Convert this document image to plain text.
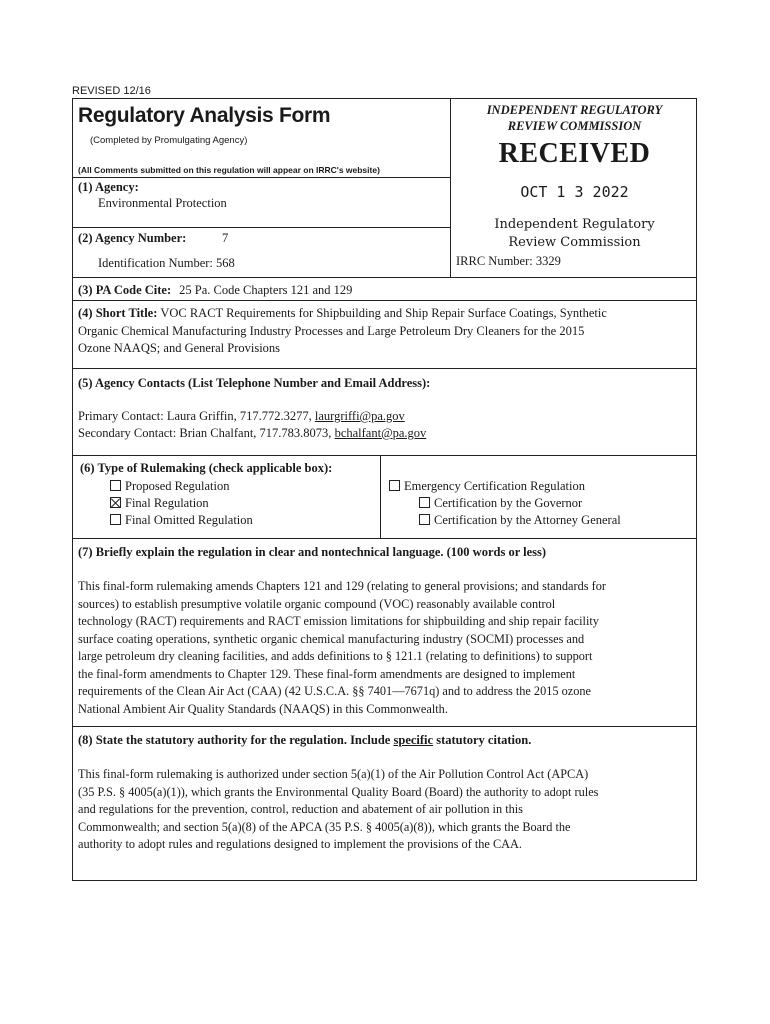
REVISED 12/16
Regulatory Analysis Form
(Completed by Promulgating Agency)
(All Comments submitted on this regulation will appear on IRRC's website)
INDEPENDENT REGULATORY
REVIEW COMMISSION
RECEIVED
OCT 1 3 2022
Independent Regulatory
Review Commission
IRRC Number: 3329
(1) Agency:
Environmental Protection
(2) Agency Number:	7
Identification Number: 568
(3) PA Code Cite: 25 Pa. Code Chapters 121 and 129
(4) Short Title: VOC RACT Requirements for Shipbuilding and Ship Repair Surface Coatings, Synthetic
Organic Chemical Manufacturing Industry Processes and Large Petroleum Dry Cleaners for the 2015
Ozone NAAQS; and General Provisions
(5) Agency Contacts (List Telephone Number and Email Address):
Primary Contact: Laura Griffin, 717.772.3277, laurgriffi@pa.gov
Secondary Contact: Brian Chalfant, 717.783.8073, bchalfant@pa.gov
(6) Type of Rulemaking (check applicable box):
Proposed Regulation
Final Regulation
Final Omitted Regulation
Emergency Certification Regulation
Certification by the Governor
Certification by the Attorney General
(7) Briefly explain the regulation in clear and nontechnical language. (100 words or less)
This final-form rulemaking amends Chapters 121 and 129 (relating to general provisions; and standards for
sources) to establish presumptive volatile organic compound (VOC) reasonably available control
technology (RACT) requirements and RACT emission limitations for shipbuilding and ship repair facility
surface coating operations, synthetic organic chemical manufacturing industry (SOCMI) processes and
large petroleum dry cleaning facilities, and adds definitions to § 121.1 (relating to definitions) to support
the final-form amendments to Chapter 129. These final-form amendments are designed to implement
requirements of the Clean Air Act (CAA) (42 U.S.C.A. §§ 7401—7671q) and to address the 2015 ozone
National Ambient Air Quality Standards (NAAQS) in this Commonwealth.
(8) State the statutory authority for the regulation. Include specific statutory citation.
This final-form rulemaking is authorized under section 5(a)(1) of the Air Pollution Control Act (APCA)
(35 P.S. § 4005(a)(1)), which grants the Environmental Quality Board (Board) the authority to adopt rules
and regulations for the prevention, control, reduction and abatement of air pollution in this
Commonwealth; and section 5(a)(8) of the APCA (35 P.S. § 4005(a)(8)), which grants the Board the
authority to adopt rules and regulations designed to implement the provisions of the CAA.
